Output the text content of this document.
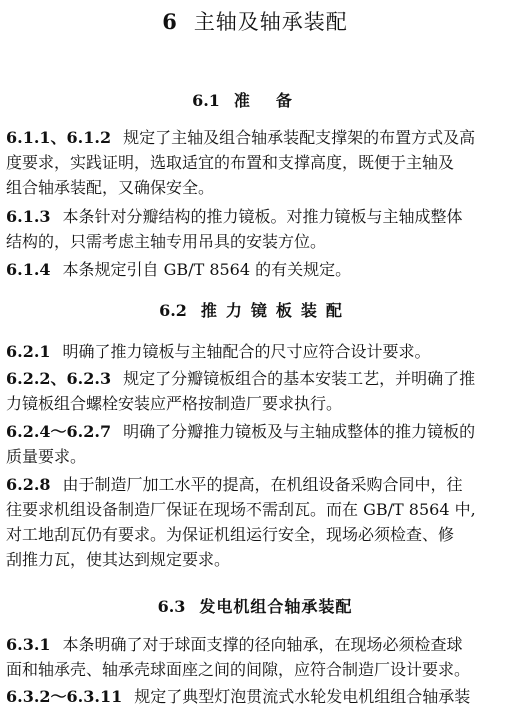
6 主轴及轴承装配
6.1 准备
6.1.1、6.1.2 规定了主轴及组合轴承装配支撑架的布置方式及高
度要求，实践证明，选取适宜的布置和支撑高度，既便于主轴及
组合轴承装配，又确保安全。
6.1.3 本条针对分瓣结构的推力镜板。对推力镜板与主轴成整体
结构的，只需考虑主轴专用吊具的安装方位。
6.1.4 本条规定引自 GB/T 8564 的有关规定。
6.2 推力镜板装配
6.2.1 明确了推力镜板与主轴配合的尺寸应符合设计要求。
6.2.2、6.2.3 规定了分瓣镜板组合的基本安装工艺，并明确了推
力镜板组合螺栓安装应严格按制造厂要求执行。
6.2.4～6.2.7 明确了分瓣推力镜板及与主轴成整体的推力镜板的
质量要求。
6.2.8 由于制造厂加工水平的提高，在机组设备采购合同中，往
往要求机组设备制造厂保证在现场不需刮瓦。而在 GB/T 8564 中,
对工地刮瓦仍有要求。为保证机组运行安全，现场必须检查、修
刮推力瓦，使其达到规定要求。
6.3 发电机组合轴承装配
6.3.1 本条明确了对于球面支撑的径向轴承，在现场必须检查球
面和轴承壳、轴承壳球面座之间的间隙，应符合制造厂设计要求。
6.3.2～6.3.11 规定了典型灯泡贯流式水轮发电机组组合轴承装
